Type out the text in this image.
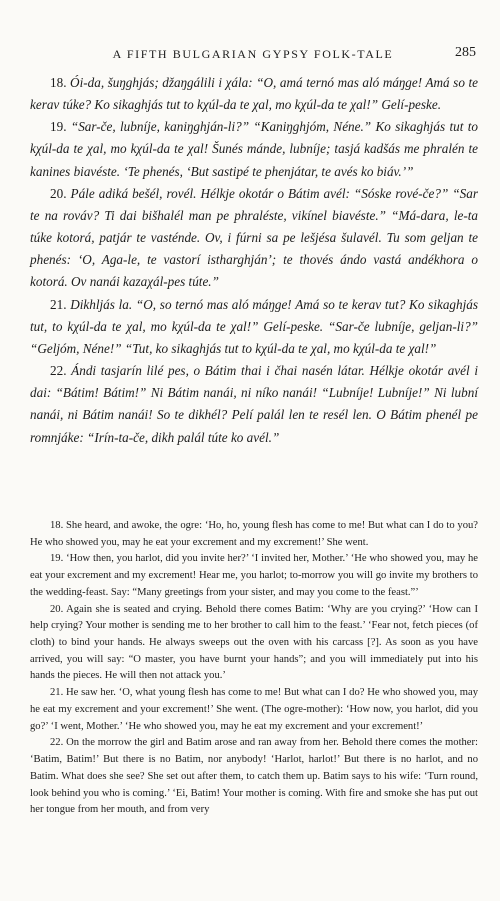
A FIFTH BULGARIAN GYPSY FOLK-TALE	285

18. Ói-da, šuŋghjás; džaŋgálili i χála: “O, amá ternó mas aló máŋge! Amá so te kerav túke? Ko sikaghjás tut to kχúl-da te χal, mo kχúl-da te χal!” Gelí-peske.

19. “Sar-če, lubníje, kaniŋghján-li?” “Kaniŋghjóm, Néne.” Ko sikaghjás tut to kχúl-da te χal, mo kχúl-da te χal! Šunés mánde, lubníje; tasjá kadšás me phralén te kanines biavéste. ‘Te phenés, ‘But sastipé te phenjátar, te avés ko biáv.’”

20. Pále adiká bešél, rovél. Hélkje okotár o Bátim avél: “Sóske rové-če?” “Sar te na rováv? Ti dai bišhalél man pe phraléste, vikínel biavéste.” “Má-dara, le-ta túke kotorá, patjár te vasténde. Ov, i fúrni sa pe lešjésa šulavél. Tu som geljan te phenés: ‘O, Aga-le, te vastorí istharghján’; te thovés ándo vastá andékhora o kotorá. Ov nanái kazaχál-pes túte.”

21. Dikhljás la. “O, so ternó mas aló máŋge! Amá so te kerav tut? Ko sikaghjás tut, to kχúl-da te χal, mo kχúl-da te χal!” Gelí-peske. “Sar-če lubníje, geljan-li?” “Geljóm, Néne!” “Tut, ko sikaghjás tut to kχúl-da te χal, mo kχúl-da te χal!”

22. Ándi tasjarín lilé pes, o Bátim thai i čhai nasén látar. Hélkje okotár avél i dai: “Bátim! Bátim!” Ni Bátim nanái, ni níko nanái! “Lubníje! Lubníje!” Ni lubní nanái, ni Bátim nanái! So te dikhél? Pelí palál len te resél len. O Bátim phenél pe romnjáke: “Irín-ta-če, dikh palál túte ko avél.”

18. She heard, and awoke, the ogre: ‘Ho, ho, young flesh has come to me! But what can I do to you? He who showed you, may he eat your excrement and my excrement!’ She went.

19. ‘How then, you harlot, did you invite her?’ ‘I invited her, Mother.’ ‘He who showed you, may he eat your excrement and my excrement! Hear me, you harlot; to-morrow you will go invite my brothers to the wedding-feast. Say: “Many greetings from your sister, and may you come to the feast.”’

20. Again she is seated and crying. Behold there comes Batim: ‘Why are you crying?’ ‘How can I help crying? Your mother is sending me to her brother to call him to the feast.’ ‘Fear not, fetch pieces (of cloth) to bind your hands. He always sweeps out the oven with his carcass [?]. As soon as you have arrived, you will say: “O master, you have burnt your hands”; and you will immediately put into his hands the pieces. He will then not attack you.’

21. He saw her. ‘O, what young flesh has come to me! But what can I do? He who showed you, may he eat my excrement and your excrement!’ She went. (The ogre-mother): ‘How now, you harlot, did you go?’ ‘I went, Mother.’ ‘He who showed you, may he eat my excrement and your excrement!’

22. On the morrow the girl and Batim arose and ran away from her. Behold there comes the mother: ‘Batim, Batim!’ But there is no Batim, nor anybody! ‘Harlot, harlot!’ But there is no harlot, and no Batim. What does she see? She set out after them, to catch them up. Batim says to his wife: ‘Turn round, look behind you who is coming.’ ‘Ei, Batim! Your mother is coming. With fire and smoke she has put out her tongue from her mouth, and from very
